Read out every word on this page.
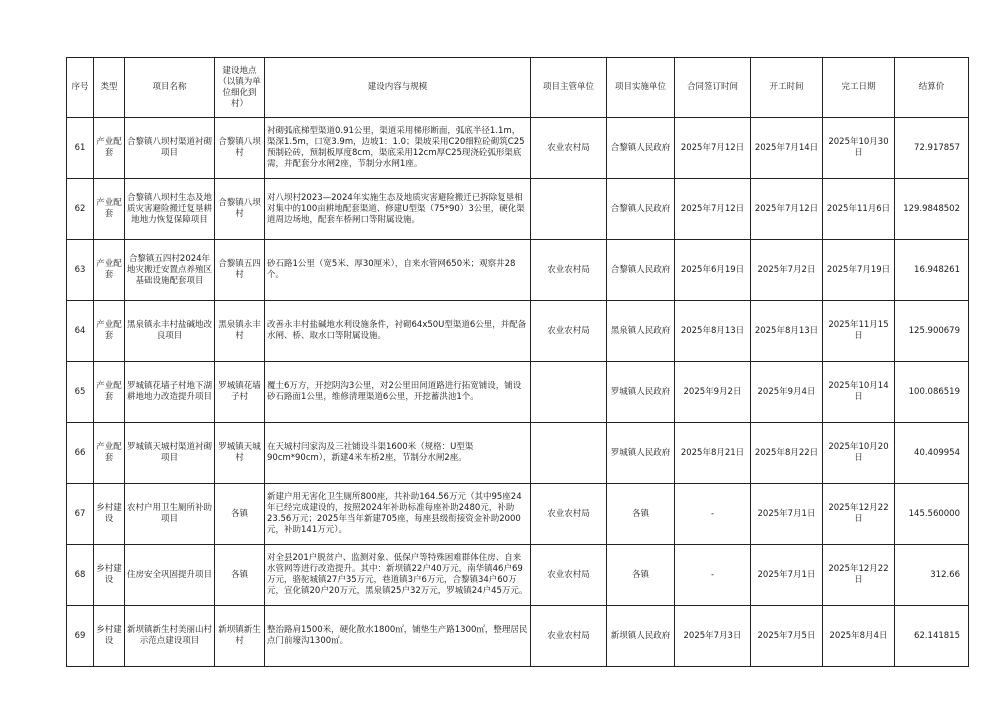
序号	类型	项目名称	建设地点（以镇为单位细化到村）	建设内容与规模	项目主管单位	项目实施单位	合同签订时间	开工时间	完工日期	结算价
61	产业配套	合黎镇八坝村渠道衬砌项目	合黎镇八坝村	衬砌弧底梯型渠道0.91公里，渠道采用梯形断面，弧底半径1.1m，渠深1.5m，口宽3.9m，边坡1：1.0；渠坡采用C20细粒砼砌筑C25预制砼砖，预制板厚度8cm，渠底采用12cm厚C25现浇砼弧形渠底需，并配套分水闸2座，节制分水闸1座。	农业农村局	合黎镇人民政府	2025年7月12日	2025年7月14日	2025年10月30日	72.917857
62	产业配套	合黎镇八坝村生态及地质灾害避险搬迁复垦耕地地力恢复保障项目	合黎镇八坝村	对八坝村2023—2024年实施生态及地质灾害避险搬迁已拆除复垦相对集中的100亩耕地配套渠道、修建U型渠（75*90）3公里，硬化渠道周边场地，配套车桥闸口等附属设施。		合黎镇人民政府	2025年7月12日	2025年7月12日	2025年11月6日	129.9848502
63	产业配套	合黎镇五四村2024年地灾搬迁安置点养殖区基础设施配套项目	合黎镇五四村	砂石路1公里（宽5米、厚30厘米），自来水管网650米；观察井28个。	农业农村局	合黎镇人民政府	2025年6月19日	2025年7月2日	2025年7月19日	16.948261
64	产业配套	黑泉镇永丰村盐碱地改良项目	黑泉镇永丰村	改善永丰村盐碱地水利设施条件，衬砌64x50U型渠道6公里，并配备水闸、桥、取水口等附属设施。	农业农村局	黑泉镇人民政府	2025年8月13日	2025年8月13日	2025年11月15日	125.900679
65	产业配套	罗城镇花墙子村地下湖耕地地力改造提升项目	罗城镇花墙子村	覆土6万方，开挖阴沟3公里，对2公里田间道路进行拓宽铺设，铺设砂石路面1公里，维修清理渠道6公里，开挖蓄洪池1个。		罗城镇人民政府	2025年9月2日	2025年9月4日	2025年10月14日	100.086519
66	产业配套	罗城镇天城村渠道衬砌项目	罗城镇天城村	在天城村闫家沟及三社铺设斗渠1600米（规格：U型渠90cm*90cm），新建4米车桥2座，节制分水闸2座。		罗城镇人民政府	2025年8月21日	2025年8月22日	2025年10月20日	40.409954
67	乡村建设	农村户用卫生厕所补助项目	各镇	新建户用无害化卫生厕所800座，共补助164.56万元（其中95座24年已经完成建设的，按照2024年补助标准每座补助2480元，补助23.56万元；2025年当年新建705座，每座县级衔接资金补助2000元，补助141万元）。	农业农村局	各镇	-	2025年7月1日	2025年12月22日	145.560000
68	乡村建设	住房安全巩固提升项目	各镇	对全县201户脱贫户、监测对象、低保户等特殊困难群体住房、自来水管网等进行改造提升。其中：新坝镇22户40万元，南华镇46户69万元，骆驼城镇27户35万元，巷道镇3户6万元，合黎镇34户60万元，宣化镇20户20万元，黑泉镇25户32万元，罗城镇24户45万元。	农业农村局	各镇	-	2025年7月1日	2025年12月22日	312.66
69	乡村建设	新坝镇新生村美丽山村示范点建设项目	新坝镇新生村	整治路肩1500米，硬化散水1800㎡，铺垫生产路1300㎡，整理居民点门前壕沟1300㎡。	农业农村局	新坝镇人民政府	2025年7月3日	2025年7月5日	2025年8月4日	62.141815
